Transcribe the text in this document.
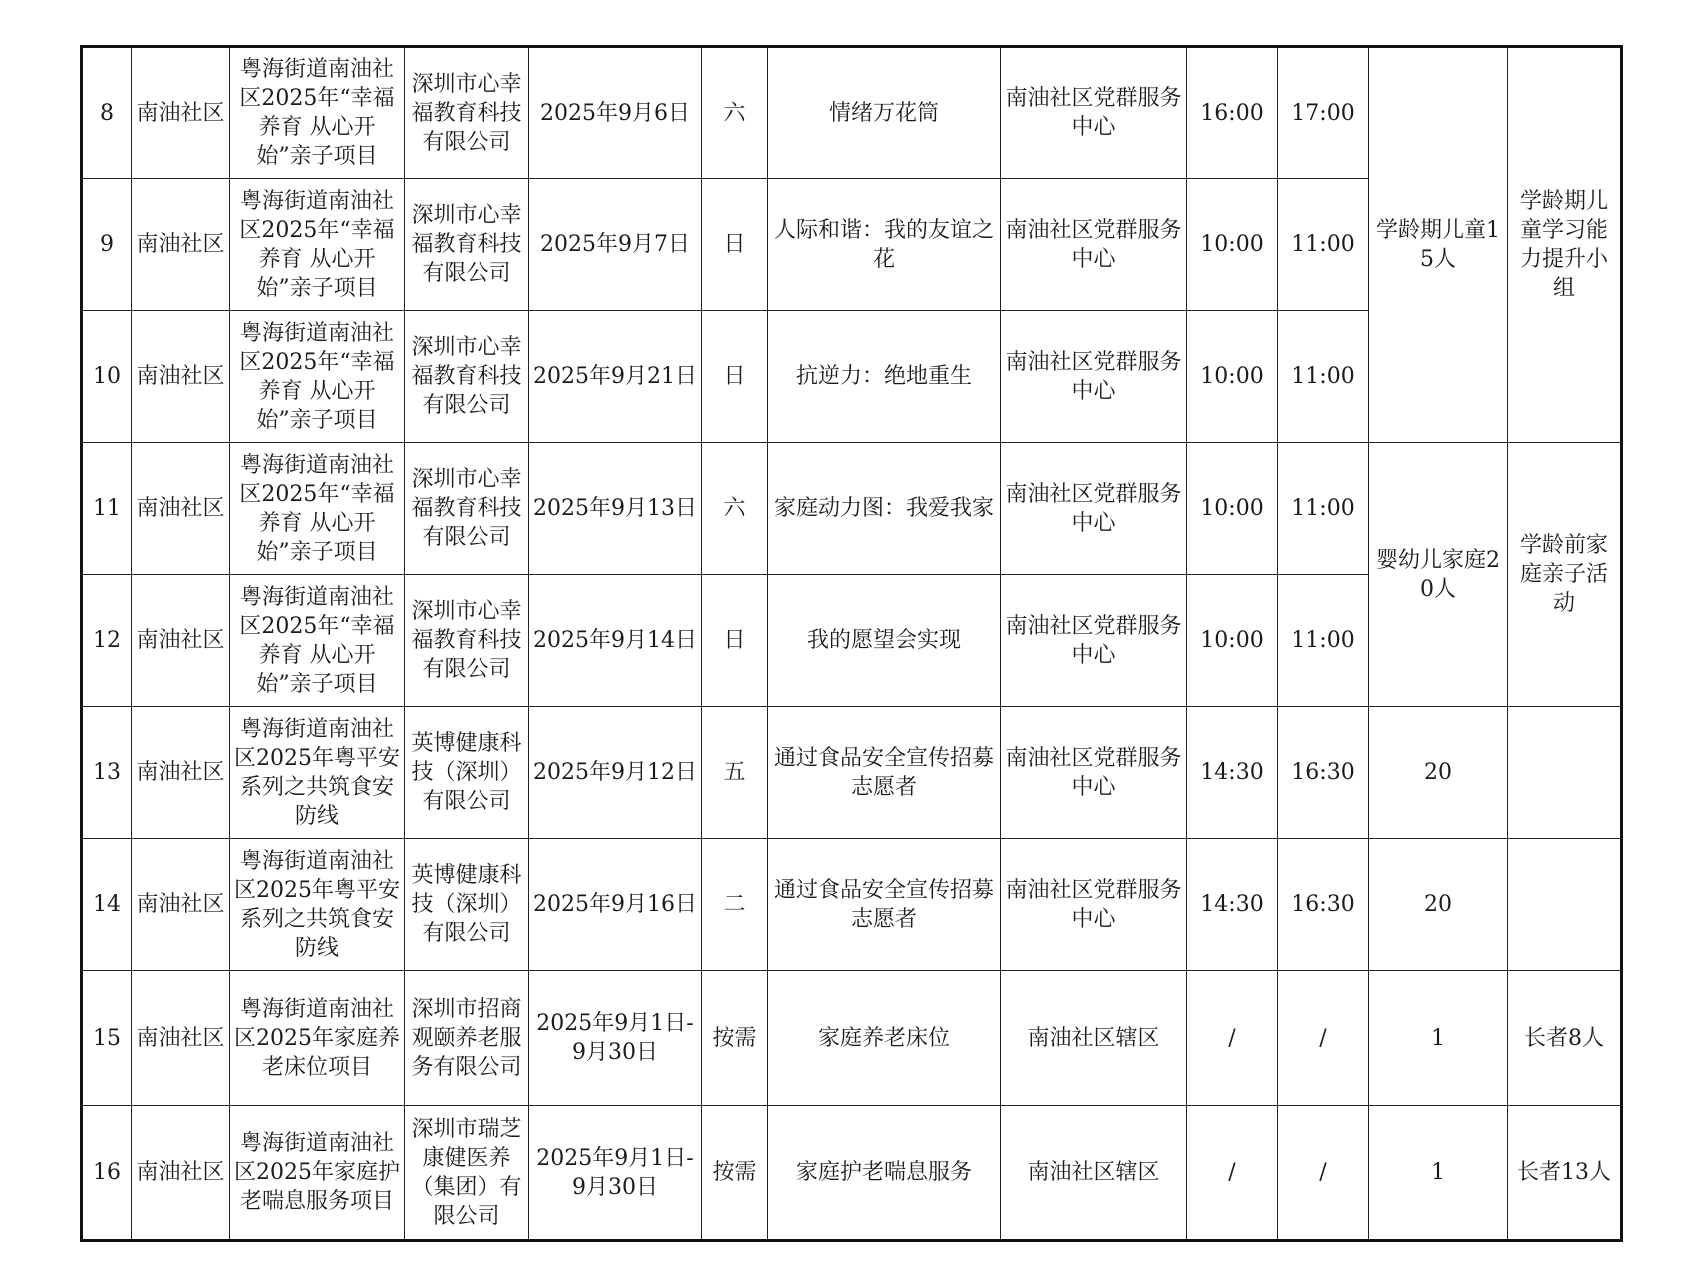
8	南油社区	粤海街道南油社区2025年“幸福养育 从心开始”亲子项目	深圳市心幸福教育科技有限公司	2025年9月6日	六	情绪万花筒	南油社区党群服务中心	16:00	17:00	学龄期儿童15人	学龄期儿童学习能力提升小组
9	南油社区	粤海街道南油社区2025年“幸福养育 从心开始”亲子项目	深圳市心幸福教育科技有限公司	2025年9月7日	日	人际和谐：我的友谊之花	南油社区党群服务中心	10:00	11:00		
10	南油社区	粤海街道南油社区2025年“幸福养育 从心开始”亲子项目	深圳市心幸福教育科技有限公司	2025年9月21日	日	抗逆力：绝地重生	南油社区党群服务中心	10:00	11:00		
11	南油社区	粤海街道南油社区2025年“幸福养育 从心开始”亲子项目	深圳市心幸福教育科技有限公司	2025年9月13日	六	家庭动力图：我爱我家	南油社区党群服务中心	10:00	11:00	婴幼儿家庭20人	学龄前家庭亲子活动
12	南油社区	粤海街道南油社区2025年“幸福养育 从心开始”亲子项目	深圳市心幸福教育科技有限公司	2025年9月14日	日	我的愿望会实现	南油社区党群服务中心	10:00	11:00		
13	南油社区	粤海街道南油社区2025年粤平安系列之共筑食安防线	英博健康科技（深圳）有限公司	2025年9月12日	五	通过食品安全宣传招募志愿者	南油社区党群服务中心	14:30	16:30	20	
14	南油社区	粤海街道南油社区2025年粤平安系列之共筑食安防线	英博健康科技（深圳）有限公司	2025年9月16日	二	通过食品安全宣传招募志愿者	南油社区党群服务中心	14:30	16:30	20	
15	南油社区	粤海街道南油社区2025年家庭养老床位项目	深圳市招商观颐养老服务有限公司	2025年9月1日-9月30日	按需	家庭养老床位	南油社区辖区	/	/	1	长者8人
16	南油社区	粤海街道南油社区2025年家庭护老喘息服务项目	深圳市瑞芝康健医养（集团）有限公司	2025年9月1日-9月30日	按需	家庭护老喘息服务	南油社区辖区	/	/	1	长者13人
